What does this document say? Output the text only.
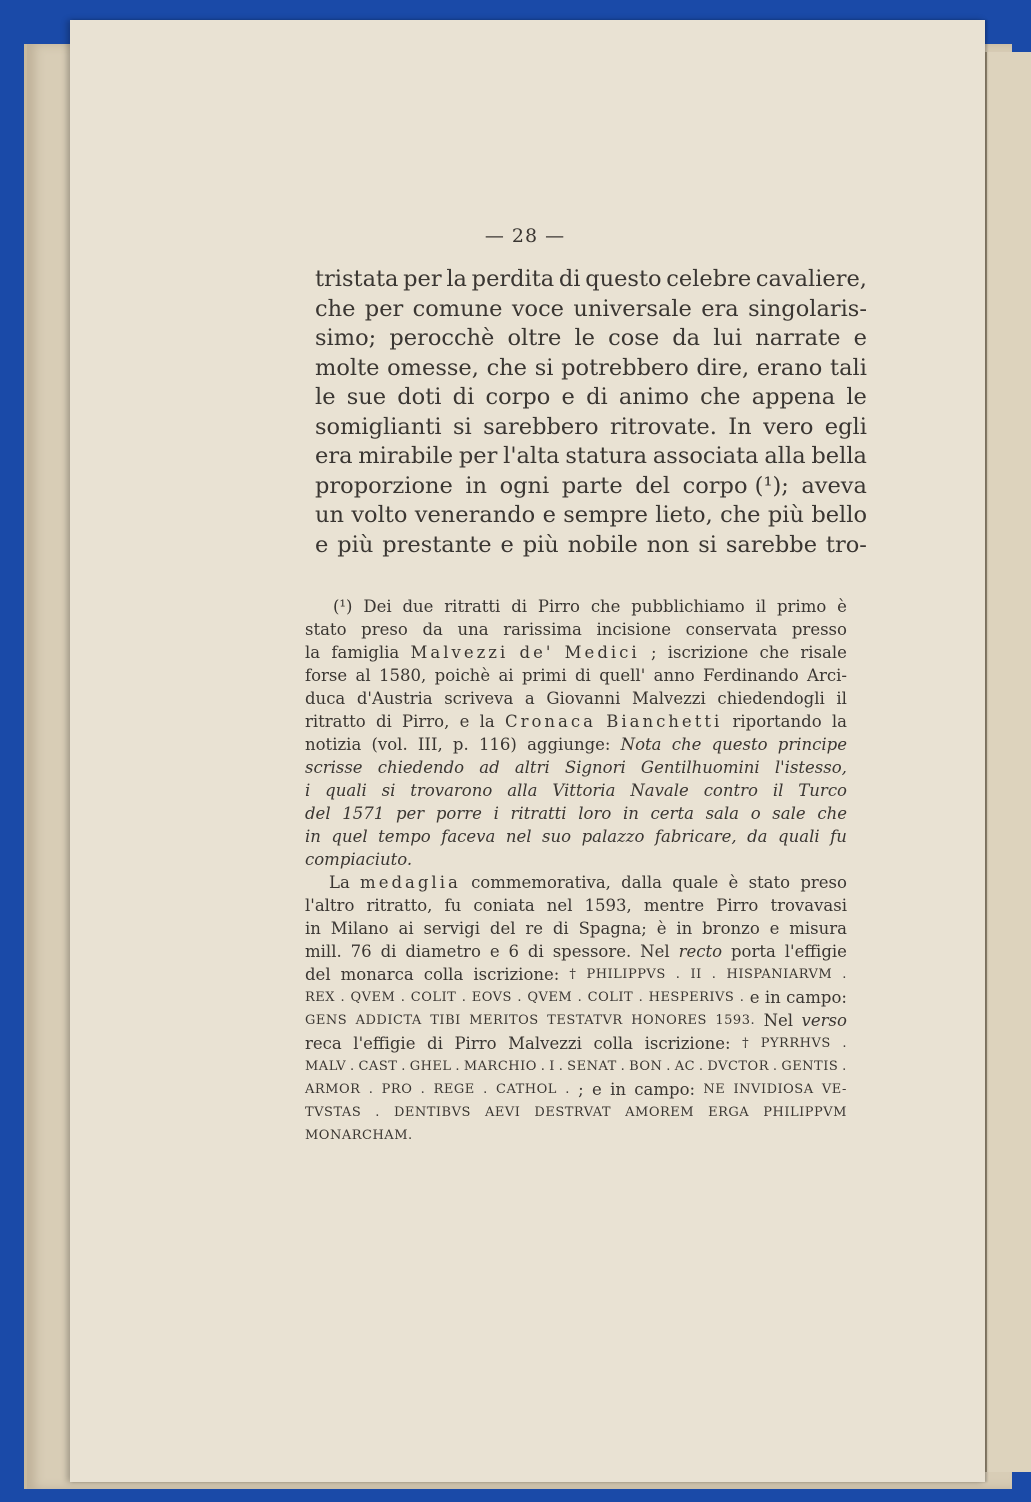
— 28 —
tristata per la perdita di questo celebre cavaliere,
che per comune voce universale era singolaris-
simo; perocchè oltre le cose da lui narrate e
molte omesse, che si potrebbero dire, erano tali
le sue doti di corpo e di animo che appena le
somiglianti si sarebbero ritrovate. In vero egli
era mirabile per l'alta statura associata alla bella
proporzione in ogni parte del corpo (¹); aveva
un volto venerando e sempre lieto, che più bello
e più prestante e più nobile non si sarebbe tro-
(¹) Dei due ritratti di Pirro che pubblichiamo il primo è
stato preso da una rarissima incisione conservata presso
la famiglia Malvezzi de' Medici ; iscrizione che risale
forse al 1580, poichè ai primi di quell' anno Ferdinando Arci-
duca d'Austria scriveva a Giovanni Malvezzi chiedendogli il
ritratto di Pirro, e la Cronaca Bianchetti riportando la
notizia (vol. III, p. 116) aggiunge: Nota che questo principe
scrisse chiedendo ad altri Signori Gentilhuomini l'istesso,
i quali si trovarono alla Vittoria Navale contro il Turco
del 1571 per porre i ritratti loro in certa sala o sale che
in quel tempo faceva nel suo palazzo fabricare, da quali fu
compiaciuto.
La medaglia commemorativa, dalla quale è stato preso
l'altro ritratto, fu coniata nel 1593, mentre Pirro trovavasi
in Milano ai servigi del re di Spagna; è in bronzo e misura
mill. 76 di diametro e 6 di spessore. Nel recto porta l'effigie
del monarca colla iscrizione: † PHILIPPVS . II . HISPANIARVM .
REX . QVEM . COLIT . EOVS . QVEM . COLIT . HESPERIVS . e in campo:
GENS ADDICTA TIBI MERITOS TESTATVR HONORES 1593. Nel verso
reca l'effigie di Pirro Malvezzi colla iscrizione: † PYRRHVS .
MALV . CAST . GHEL . MARCHIO . I . SENAT . BON . AC . DVCTOR . GENTIS .
ARMOR . PRO . REGE . CATHOL . ; e in campo: NE INVIDIOSA VE-
TVSTAS . DENTIBVS AEVI DESTRVAT AMOREM ERGA PHILIPPVM
MONARCHAM.
